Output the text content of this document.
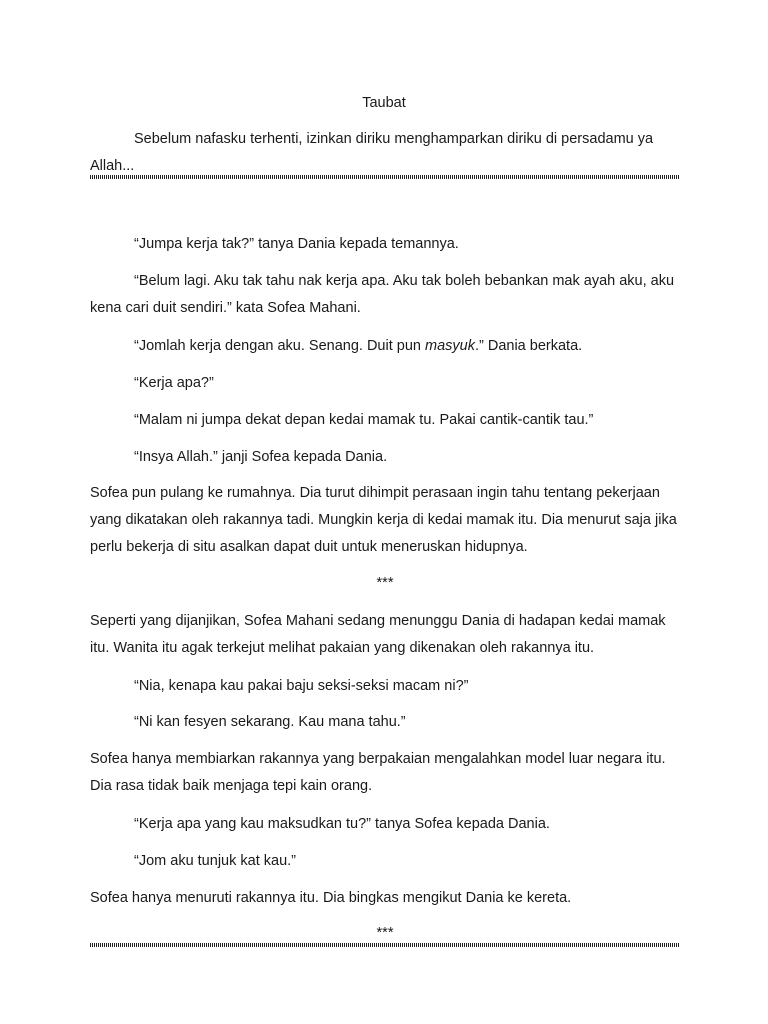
Taubat

Sebelum nafasku terhenti, izinkan diriku menghamparkan diriku di persadamu ya Allah...

“Jumpa kerja tak?” tanya Dania kepada temannya.

“Belum lagi. Aku tak tahu nak kerja apa. Aku tak boleh bebankan mak ayah aku, aku kena cari duit sendiri.” kata Sofea Mahani.

“Jomlah kerja dengan aku. Senang. Duit pun masyuk.” Dania berkata.

“Kerja apa?”

“Malam ni jumpa dekat depan kedai mamak tu. Pakai cantik-cantik tau.”

“Insya Allah.” janji Sofea kepada Dania.

Sofea pun pulang ke rumahnya. Dia turut dihimpit perasaan ingin tahu tentang pekerjaan yang dikatakan oleh rakannya tadi. Mungkin kerja di kedai mamak itu. Dia menurut saja jika perlu bekerja di situ asalkan dapat duit untuk meneruskan hidupnya.

***

Seperti yang dijanjikan, Sofea Mahani sedang menunggu Dania di hadapan kedai mamak itu. Wanita itu agak terkejut melihat pakaian yang dikenakan oleh rakannya itu.

“Nia, kenapa kau pakai baju seksi-seksi macam ni?”

“Ni kan fesyen sekarang. Kau mana tahu.”

Sofea hanya membiarkan rakannya yang berpakaian mengalahkan model luar negara itu. Dia rasa tidak baik menjaga tepi kain orang.

“Kerja apa yang kau maksudkan tu?” tanya Sofea kepada Dania.

“Jom aku tunjuk kat kau.”

Sofea hanya menuruti rakannya itu. Dia bingkas mengikut Dania ke kereta.

***
